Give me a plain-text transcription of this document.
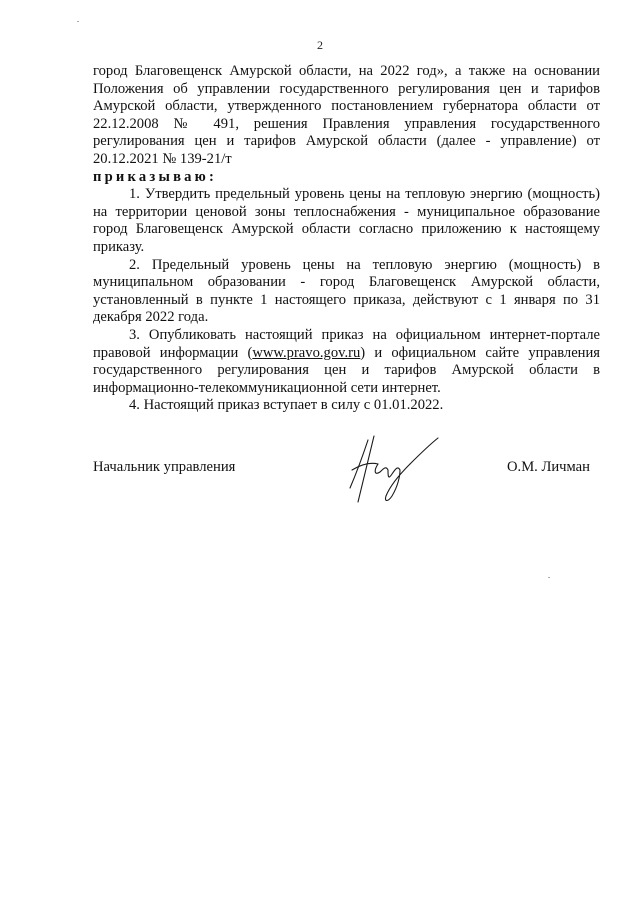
2

город Благовещенск Амурской области, на 2022 год», а также на основании Положения об управлении государственного регулирования цен и тарифов Амурской области, утвержденного постановлением губернатора области от 22.12.2008 № 491, решения Правления управления государственного регулирования цен и тарифов Амурской области (далее - управление) от 20.12.2021 № 139-21/т

приказываю:

1. Утвердить предельный уровень цены на тепловую энергию (мощность) на территории ценовой зоны теплоснабжения - муниципальное образование город Благовещенск Амурской области согласно приложению к настоящему приказу.

2. Предельный уровень цены на тепловую энергию (мощность) в муниципальном образовании - город Благовещенск Амурской области, установленный в пункте 1 настоящего приказа, действуют с 1 января по 31 декабря 2022 года.

3. Опубликовать настоящий приказ на официальном интернет-портале правовой информации (www.pravo.gov.ru) и официальном сайте управления государственного регулирования цен и тарифов Амурской области в информационно-телекоммуникационной сети интернет.

4. Настоящий приказ вступает в силу с 01.01.2022.

Начальник управления	О.М. Личман
